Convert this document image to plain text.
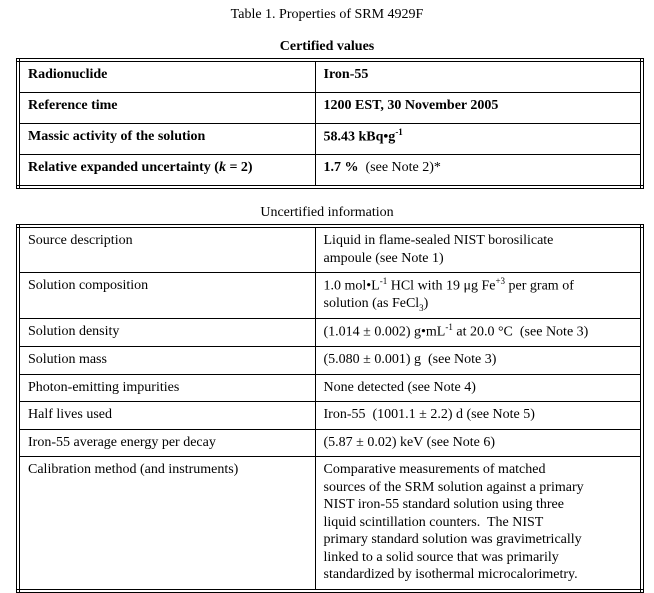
Table 1. Properties of SRM 4929F
Certified values
Radionuclide	Iron-55
Reference time	1200 EST, 30 November 2005
Massic activity of the solution	58.43 $kBq•g^{-1}$
Relative expanded uncertainty (k = 2)	1.7 %  (see Note 2)*
Uncertified information
Source description	Liquid in flame-sealed NIST borosilicate
ampoule (see Note 1)
Solution composition	1.0 $mol•L^{-1}$ HCl with 19 μg $Fe^{+3}$ per gram of
solution (as FeCl$_3$)
Solution density	(1.014 ± 0.002) $g•mL^{-1}$ at 20.0 °C  (see Note 3)
Solution mass	(5.080 ± 0.001) g  (see Note 3)
Photon-emitting impurities	None detected (see Note 4)
Half lives used	Iron-55  (1001.1 ± 2.2) d (see Note 5)
Iron-55 average energy per decay	(5.87 ± 0.02) keV (see Note 6)
Calibration method (and instruments)	Comparative measurements of matched
sources of the SRM solution against a primary
NIST iron-55 standard solution using three
liquid scintillation counters.  The NIST
primary standard solution was gravimetrically
linked to a solid source that was primarily
standardized by isothermal microcalorimetry.
